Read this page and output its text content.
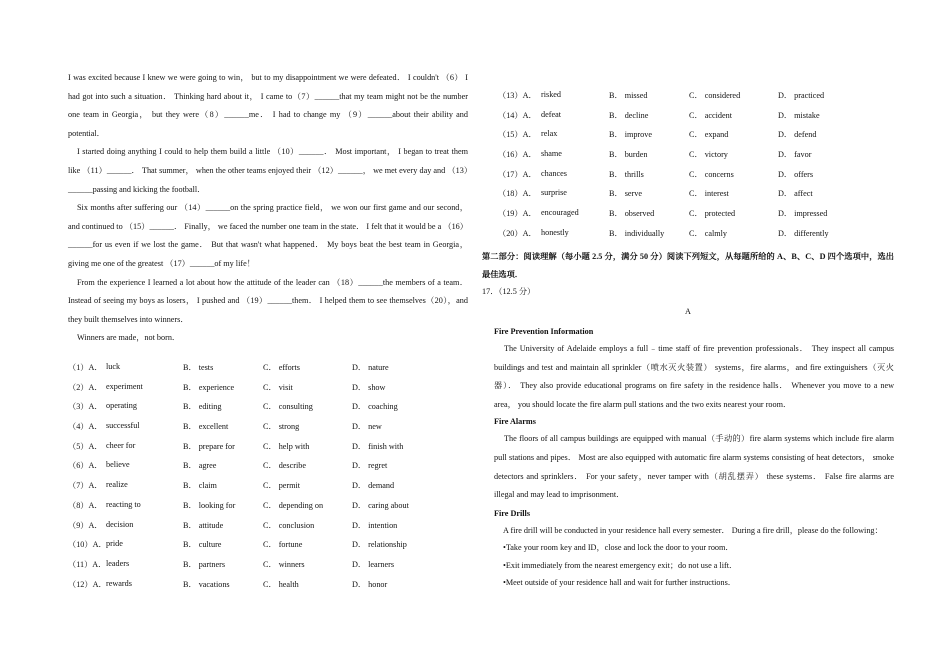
I was excited because I knew we were going to win， but to my disappointment we were defeated． I couldn't （6） I had got into such a situation． Thinking hard about it， I came to（7）______that my team might not be the number one team in Georgia， but they were（8）______me． I had to change my （9）______about their ability and potential．

I started doing anything I could to help them build a little （10）______． Most important， I began to treat them like （11）______． That summer， when the other teams enjoyed their （12）______， we met every day and （13）______passing and kicking the football．

Six months after suffering our （14）______on the spring practice field， we won our first game and our second， and continued to （15）______． Finally， we faced the number one team in the state． I felt that it would be a （16）______for us even if we lost the game． But that wasn't what happened． My boys beat the best team in Georgia， giving me one of the greatest （17）______of my life！

From the experience I learned a lot about how the attitude of the leader can （18）______the members of a team． Instead of seeing my boys as losers， I pushed and （19）______them． I helped them to see themselves（20），and they built themselves into winners．

Winners are made，not born．

（1）A． luck	B． tests	C． efforts	D． nature
（2）A． experiment	B． experience	C． visit	D． show
（3）A． operating	B． editing	C． consulting	D． coaching
（4）A． successful	B． excellent	C． strong	D． new
（5）A． cheer for	B． prepare for	C． help with	D． finish with
（6）A． believe	B． agree	C． describe	D． regret
（7）A． realize	B． claim	C． permit	D． demand
（8）A． reacting to	B． looking for	C． depending on	D． caring about
（9）A． decision	B． attitude	C． conclusion	D． intention
（10）A． pride	B． culture	C． fortune	D． relationship
（11）A． leaders	B． partners	C． winners	D． learners
（12）A． rewards	B． vacations	C． health	D． honor
（13）A． risked	B． missed	C． considered	D． practiced
（14）A． defeat	B． decline	C． accident	D． mistake
（15）A． relax	B． improve	C． expand	D． defend
（16）A． shame	B． burden	C． victory	D． favor
（17）A． chances	B． thrills	C． concerns	D． offers
（18）A． surprise	B． serve	C． interest	D． affect
（19）A． encouraged	B． observed	C． protected	D． impressed
（20）A． honestly	B． individually	C． calmly	D． differently

第二部分：阅读理解（每小题 2.5 分，满分 50 分）阅读下列短文，从每题所给的 A、B、C、D 四个选项中，选出最佳选项．

17．（12.5 分）

A

Fire Prevention Information

The University of Adelaide employs a full﹣time staff of fire prevention professionals． They inspect all campus buildings and test and maintain all sprinkler（喷水灭火装置） systems，fire alarms，and fire extinguishers（灭火器）． They also provide educational programs on fire safety in the residence halls． Whenever you move to a new area， you should locate the fire alarm pull stations and the two exits nearest your room．

Fire Alarms

The floors of all campus buildings are equipped with manual（手动的）fire alarm systems which include fire alarm pull stations and pipes． Most are also equipped with automatic fire alarm systems consisting of heat detectors， smoke detectors and sprinklers． For your safety，never tamper with（胡乱摆弄） these systems． False fire alarms are illegal and may lead to imprisonment．

Fire Drills

A fire drill will be conducted in your residence hall every semester． During a fire drill，please do the following：

•Take your room key and ID，close and lock the door to your room．

•Exit immediately from the nearest emergency exit；do not use a lift．

•Meet outside of your residence hall and wait for further instructions．
